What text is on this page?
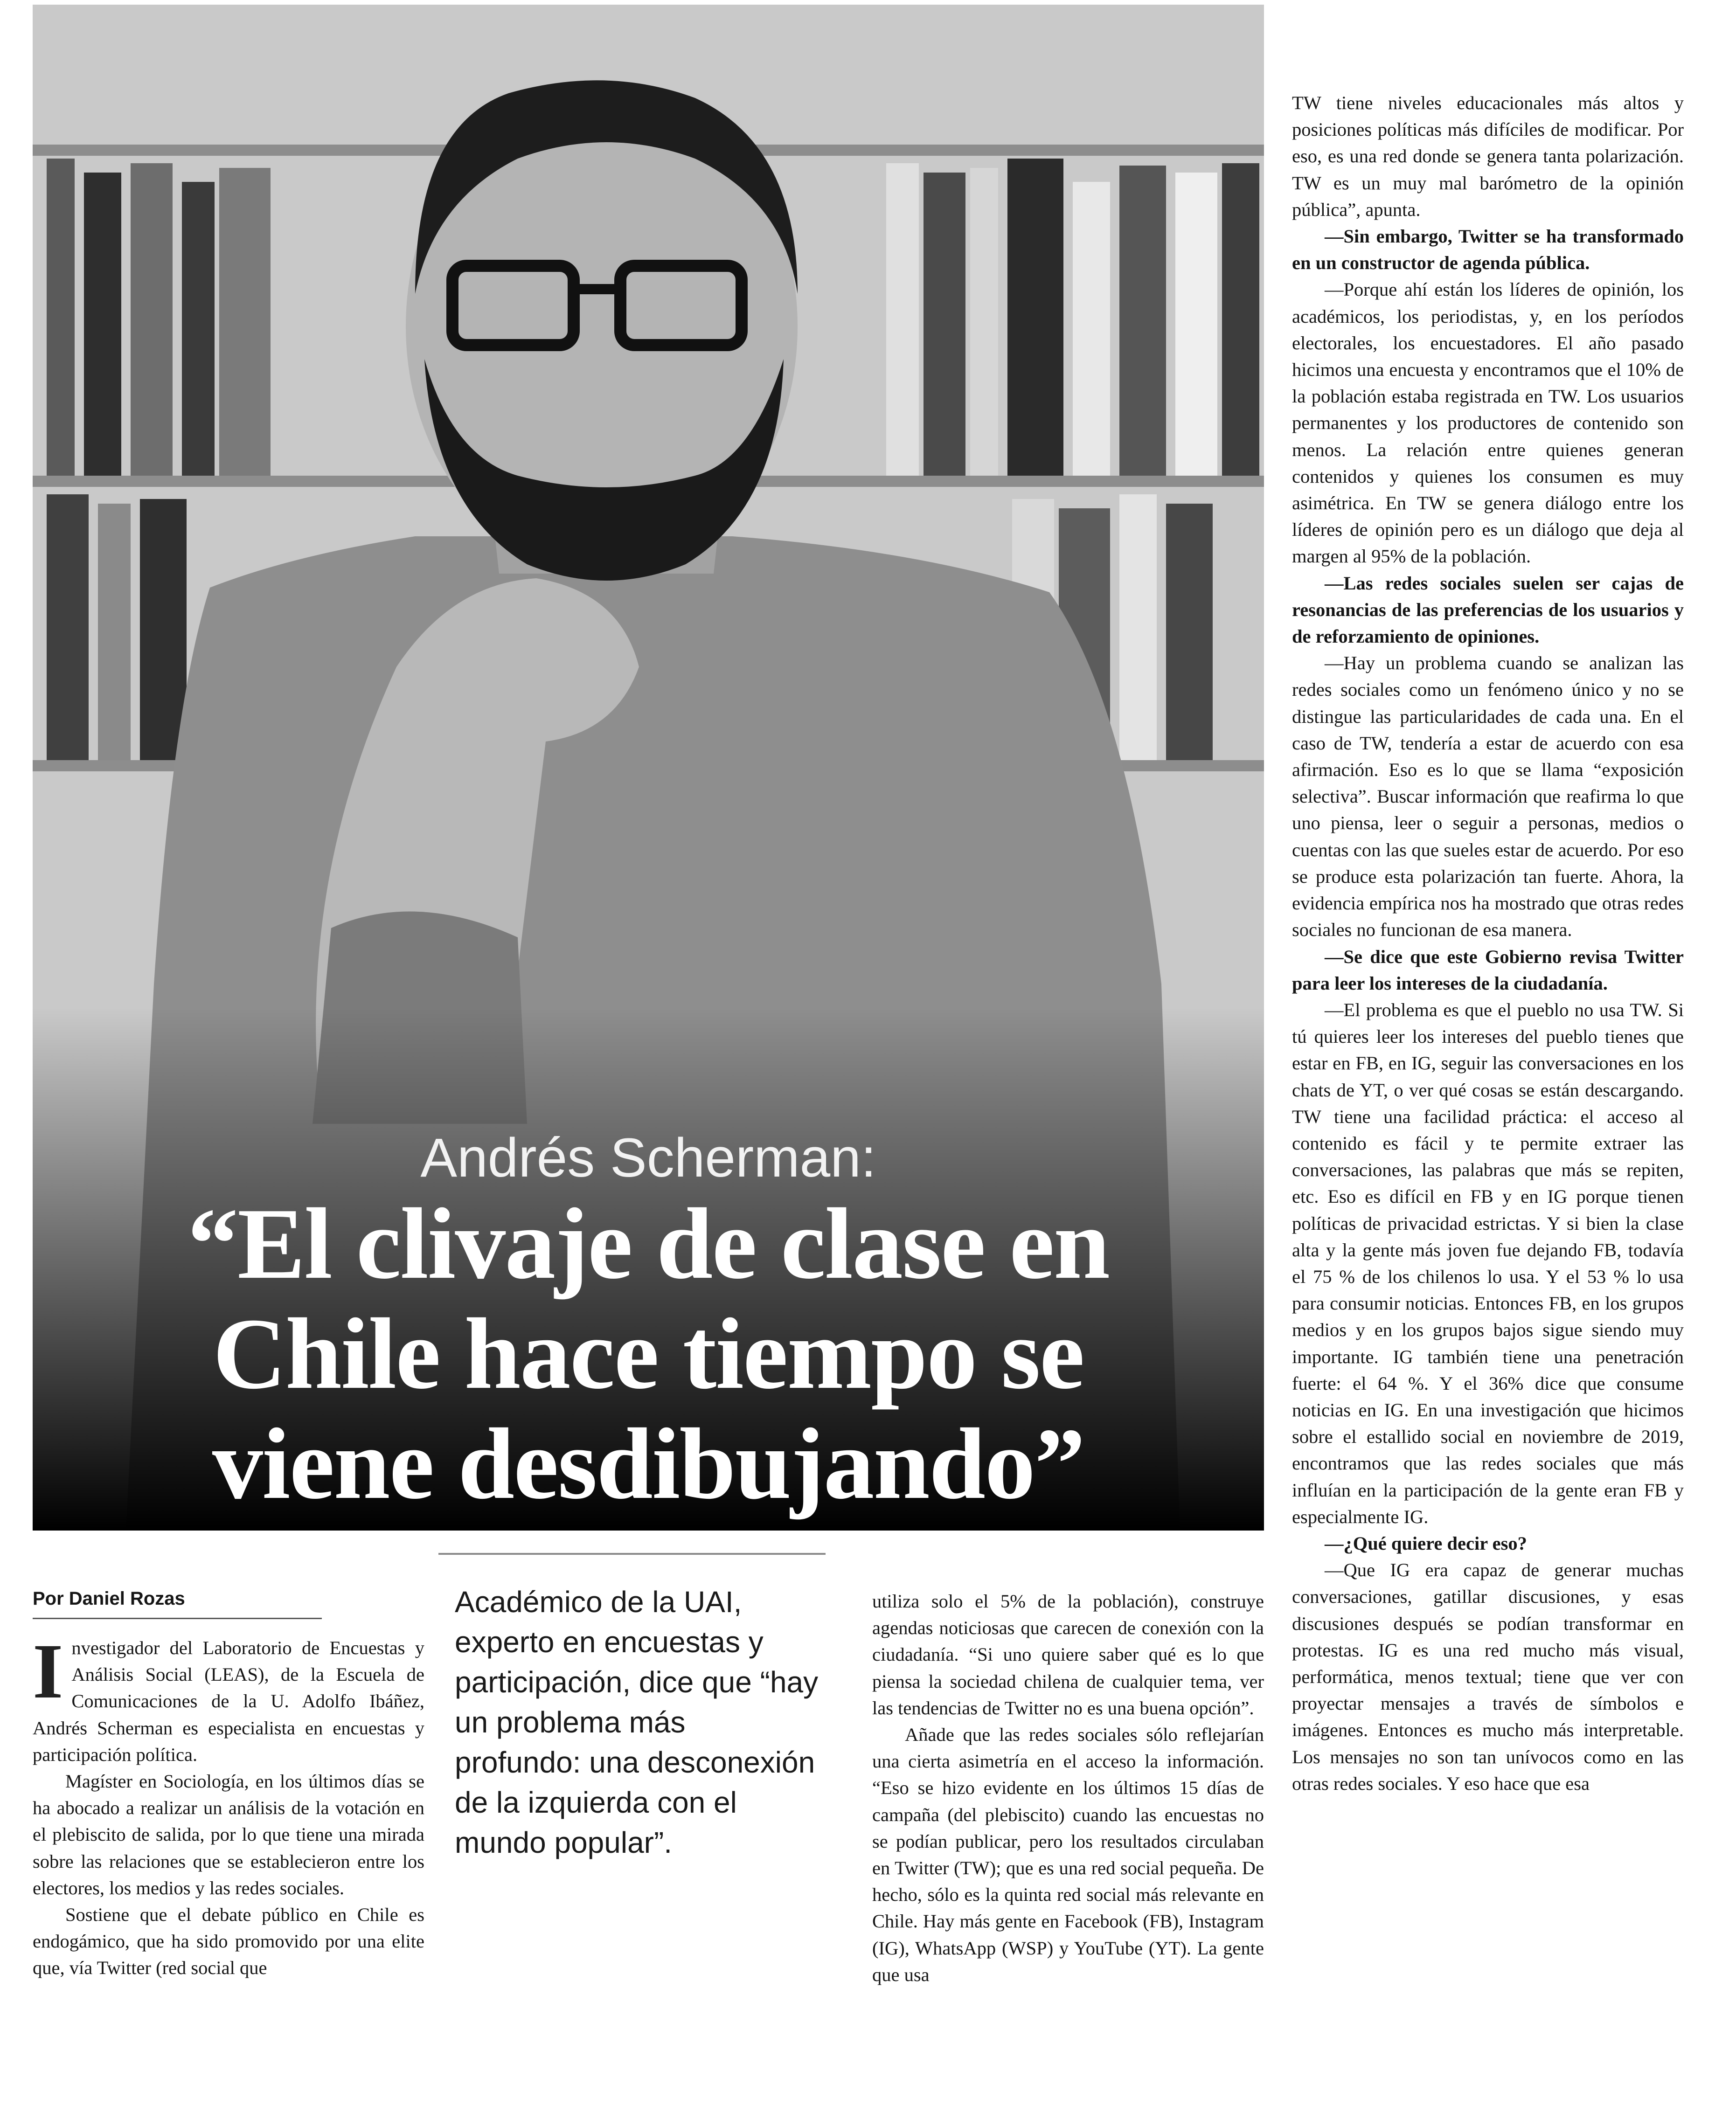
Andrés Scherman:
“El clivaje de clase en
Chile hace tiempo se
viene desdibujando”
Por Daniel Rozas

Investigador del Laboratorio de Encuestas y Análisis Social (LEAS), de la Escuela de Comunicaciones de la U. Adolfo Ibáñez, Andrés Scherman es especialista en encuestas y participación política.

Magíster en Sociología, en los últimos días se ha abocado a realizar un análisis de la votación en el plebiscito de salida, por lo que tiene una mirada sobre las relaciones que se establecieron entre los electores, los medios y las redes sociales.

Sostiene que el debate público en Chile es endogámico, que ha sido promovido por una elite que, vía Twitter (red social que

Académico de la UAI, experto en encuestas y participación, dice que “hay un problema más profundo: una desconexión de la izquierda con el mundo popular”.

utiliza solo el 5% de la población), construye agendas noticiosas que carecen de conexión con la ciudadanía. “Si uno quiere saber qué es lo que piensa la sociedad chilena de cualquier tema, ver las tendencias de Twitter no es una buena opción”.

Añade que las redes sociales sólo reflejarían una cierta asimetría en el acceso la información. “Eso se hizo evidente en los últimos 15 días de campaña (del plebiscito) cuando las encuestas no se podían publicar, pero los resultados circulaban en Twitter (TW); que es una red social pequeña. De hecho, sólo es la quinta red social más relevante en Chile. Hay más gente en Facebook (FB), Instagram (IG), WhatsApp (WSP) y YouTube (YT). La gente que usa

TW tiene niveles educacionales más altos y posiciones políticas más difíciles de modificar. Por eso, es una red donde se genera tanta polarización. TW es un muy mal barómetro de la opinión pública”, apunta.

—Sin embargo, Twitter se ha transformado en un constructor de agenda pública.

—Porque ahí están los líderes de opinión, los académicos, los periodistas, y, en los períodos electorales, los encuestadores. El año pasado hicimos una encuesta y encontramos que el 10% de la población estaba registrada en TW. Los usuarios permanentes y los productores de contenido son menos. La relación entre quienes generan contenidos y quienes los consumen es muy asimétrica. En TW se genera diálogo entre los líderes de opinión pero es un diálogo que deja al margen al 95% de la población.

—Las redes sociales suelen ser cajas de resonancias de las preferencias de los usuarios y de reforzamiento de opiniones.

—Hay un problema cuando se analizan las redes sociales como un fenómeno único y no se distingue las particularidades de cada una. En el caso de TW, tendería a estar de acuerdo con esa afirmación. Eso es lo que se llama “exposición selectiva”. Buscar información que reafirma lo que uno piensa, leer o seguir a personas, medios o cuentas con las que sueles estar de acuerdo. Por eso se produce esta polarización tan fuerte. Ahora, la evidencia empírica nos ha mostrado que otras redes sociales no funcionan de esa manera.

—Se dice que este Gobierno revisa Twitter para leer los intereses de la ciudadanía.

—El problema es que el pueblo no usa TW. Si tú quieres leer los intereses del pueblo tienes que estar en FB, en IG, seguir las conversaciones en los chats de YT, o ver qué cosas se están descargando. TW tiene una facilidad práctica: el acceso al contenido es fácil y te permite extraer las conversaciones, las palabras que más se repiten, etc. Eso es difícil en FB y en IG porque tienen políticas de privacidad estrictas. Y si bien la clase alta y la gente más joven fue dejando FB, todavía el 75 % de los chilenos lo usa. Y el 53 % lo usa para consumir noticias. Entonces FB, en los grupos medios y en los grupos bajos sigue siendo muy importante. IG también tiene una penetración fuerte: el 64 %. Y el 36% dice que consume noticias en IG. En una investigación que hicimos sobre el estallido social en noviembre de 2019, encontramos que las redes sociales que más influían en la participación de la gente eran FB y especialmente IG.

—¿Qué quiere decir eso?

—Que IG era capaz de generar muchas conversaciones, gatillar discusiones, y esas discusiones después se podían transformar en protestas. IG es una red mucho más visual, performática, menos textual; tiene que ver con proyectar mensajes a través de símbolos e imágenes. Entonces es mucho más interpretable. Los mensajes no son tan unívocos como en las otras redes sociales. Y eso hace que esa
